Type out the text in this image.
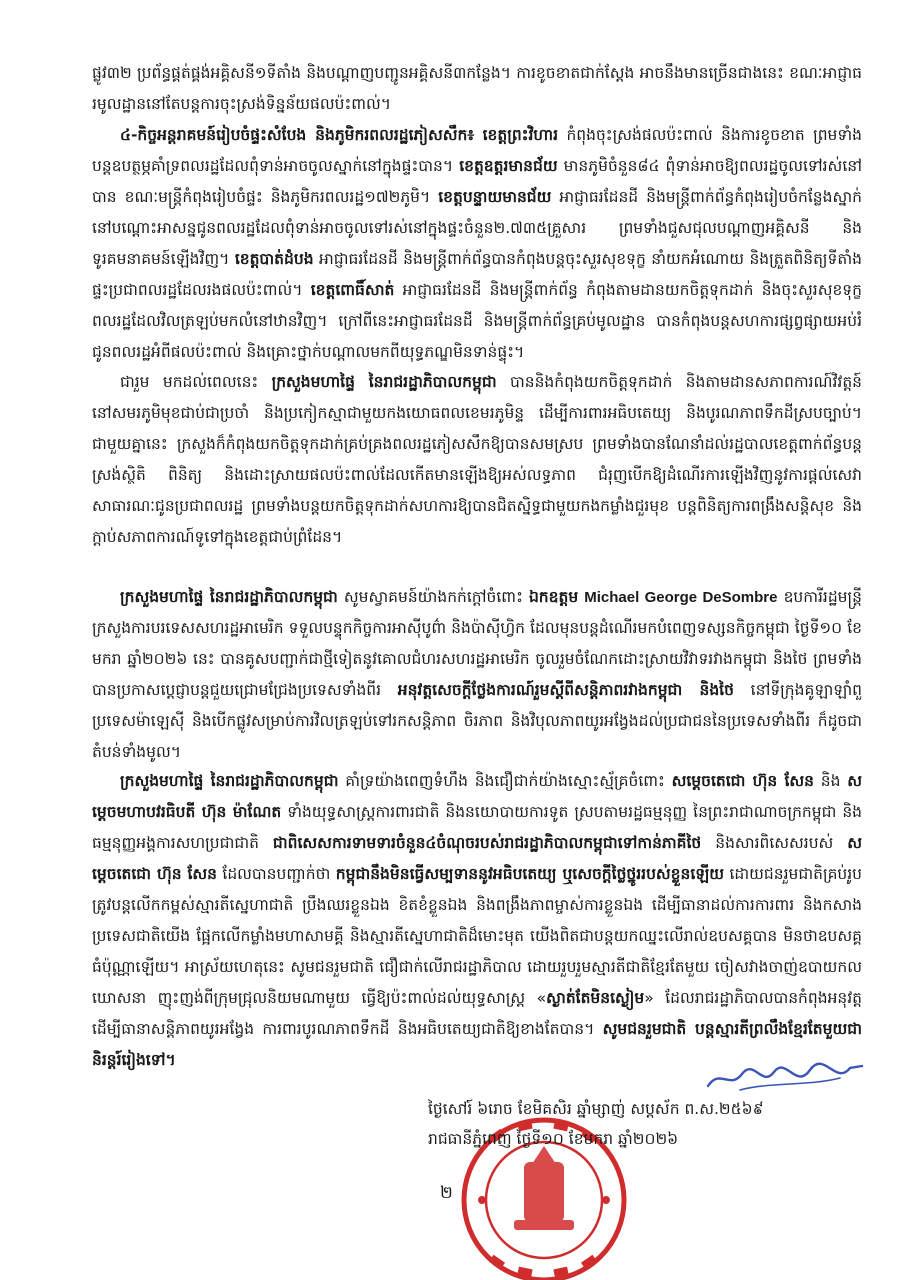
ផ្លូវ៣២ ប្រព័ន្ធផ្គត់ផ្គង់អគ្គិសនី១ទីតាំង និងបណ្តាញបញ្ជូនអគ្គិសនី៣កន្លែង។ ការខូចខាតជាក់ស្តែង អាចនឹងមានច្រើនជាងនេះ ខណៈអាជ្ញាធរមូលដ្ឋាននៅតែបន្តការចុះស្រង់ទិន្នន័យផលប៉ះពាល់។

៤-កិច្ចអន្តរាគមន៍រៀបចំផ្ទះសំបែង និងភូមិករពលរដ្ឋភៀសសឹក៖ ខេត្តព្រះវិហារ កំពុងចុះស្រង់ផលប៉ះពាល់ និងការខូចខាត ព្រមទាំងបន្តឧបត្ថម្ភគាំទ្រពលរដ្ឋដែលពុំទាន់អាចចូលស្នាក់នៅក្នុងផ្ទះបាន។ ខេត្តឧត្តរមានជ័យ មានភូមិចំនួន៨៤ ពុំទាន់អាចឱ្យពលរដ្ឋចូលទៅរស់នៅបាន ខណៈមន្ត្រីកំពុងរៀបចំផ្ទះ និងភូមិករពលរដ្ឋ១៧២ភូមិ។ ខេត្តបន្ទាយមានជ័យ អាជ្ញាធរដែនដី និងមន្ត្រីពាក់ព័ន្ធកំពុងរៀបចំកន្លែងស្នាក់នៅបណ្តោះអាសន្នជូនពលរដ្ឋដែលពុំទាន់អាចចូលទៅរស់នៅក្នុងផ្ទះចំនួន២.៧៣៥គ្រួសារ ព្រមទាំងជួសជុលបណ្តាញអគ្គិសនី និងទូរគមនាគមន៍ឡើងវិញ។ ខេត្តបាត់ដំបង អាជ្ញាធរដែនដី និងមន្ត្រីពាក់ព័ន្ធបានកំពុងបន្តចុះសួរសុខទុក្ខ នាំយកអំណោយ និងត្រួតពិនិត្យទីតាំងផ្ទះប្រជាពលរដ្ឋដែលរងផលប៉ះពាល់។ ខេត្តពោធិ៍សាត់ អាជ្ញាធរដែនដី និងមន្ត្រីពាក់ព័ន្ធ កំពុងតាមដានយកចិត្តទុកដាក់ និងចុះសួរសុខទុក្ខពលរដ្ឋដែលវិលត្រឡប់មកលំនៅឋានវិញ។ ក្រៅពីនេះអាជ្ញាធរដែនដី និងមន្ត្រីពាក់ព័ន្ធគ្រប់មូលដ្ឋាន បានកំពុងបន្តសហការផ្សព្វផ្សាយអប់រំជូនពលរដ្ឋអំពីផលប៉ះពាល់ និងគ្រោះថ្នាក់បណ្តាលមកពីយុទ្ធភណ្ឌមិនទាន់ផ្ទុះ។

ជារួម មកដល់ពេលនេះ ក្រសួងមហាផ្ទៃ នៃរាជរដ្ឋាភិបាលកម្ពុជា បាននិងកំពុងយកចិត្តទុកដាក់ និងតាមដានសភាពការណ៍វិវត្តន៍នៅសមរភូមិមុខជាប់ជាប្រចាំ និងប្រកៀកស្មាជាមួយកងយោធពលខេមរភូមិន្ទ ដើម្បីការពារអធិបតេយ្យ និងបូរណភាពទឹកដីស្របច្បាប់។ ជាមួយគ្នានេះ ក្រសួងក៏កំពុងយកចិត្តទុកដាក់គ្រប់គ្រងពលរដ្ឋភៀសសឹកឱ្យបានសមស្រប ព្រមទាំងបានណែនាំដល់រដ្ឋបាលខេត្តពាក់ព័ន្ធបន្តស្រង់ស្ថិតិ ពិនិត្យ និងដោះស្រាយផលប៉ះពាល់ដែលកើតមានឡើងឱ្យអស់លទ្ធភាព ជំរុញបើកឱ្យដំណើរការឡើងវិញនូវការផ្តល់សេវាសាធារណៈជូនប្រជាពលរដ្ឋ ព្រមទាំងបន្តយកចិត្តទុកដាក់សហការឱ្យបានជិតស្និទ្ធជាមួយកងកម្លាំងជួរមុខ បន្តពិនិត្យការពង្រឹងសន្តិសុខ និងក្តាប់សភាពការណ៍ទូទៅក្នុងខេត្តជាប់ព្រំដែន។

ក្រសួងមហាផ្ទៃ នៃរាជរដ្ឋាភិបាលកម្ពុជា សូមស្វាគមន៍យ៉ាងកក់ក្តៅចំពោះ ឯកឧត្តម Michael George DeSombre ឧបការីរដ្ឋមន្ត្រីក្រសួងការបរទេសសហរដ្ឋអាមេរិក ទទួលបន្ទុកកិច្ចការអាស៊ីបូព៌ា និងប៉ាស៊ីហ្វិក ដែលមុនបន្តដំណើរមកបំពេញទស្សនកិច្ចកម្ពុជា ថ្ងៃទី១០ ខែមករា ឆ្នាំ២០២៦ នេះ បានគូសបញ្ជាក់ជាថ្មីទៀតនូវគោលជំហរសហរដ្ឋអាមេរិក ចូលរួមចំណែកដោះស្រាយវិវាទរវាងកម្ពុជា និងថៃ ព្រមទាំងបានប្រកាសប្តេជ្ញាបន្តជួយជ្រោមជ្រែងប្រទេសទាំងពីរ អនុវត្តសេចក្តីថ្លែងការណ៍រួមស្តីពីសន្តិភាពរវាងកម្ពុជា និងថៃ នៅទីក្រុងគូឡាឡាំពួ ប្រទេសម៉ាឡេស៊ី និងបើកផ្លូវសម្រាប់ការវិលត្រឡប់ទៅរកសន្តិភាព ចិរភាព និងវិបុលភាពយូរអង្វែងដល់ប្រជាជននៃប្រទេសទាំងពីរ ក៏ដូចជាតំបន់ទាំងមូល។

ក្រសួងមហាផ្ទៃ នៃរាជរដ្ឋាភិបាលកម្ពុជា គាំទ្រយ៉ាងពេញទំហឹង និងជឿជាក់យ៉ាងស្មោះស្ម័គ្រចំពោះ សម្តេចតេជោ ហ៊ុន សែន និង សម្តេចមហាបវរធិបតី ហ៊ុន ម៉ាណែត ទាំងយុទ្ធសាស្ត្រការពារជាតិ និងនយោបាយការទូត ស្របតាមរដ្ឋធម្មនុញ្ញ នៃព្រះរាជាណាចក្រកម្ពុជា និងធម្មនុញ្ញអង្គការសហប្រជាជាតិ ជាពិសេសការទាមទារចំនួន៤ចំណុចរបស់រាជរដ្ឋាភិបាលកម្ពុជាទៅកាន់ភាគីថៃ និងសារពិសេសរបស់ សម្តេចតេជោ ហ៊ុន សែន ដែលបានបញ្ជាក់ថា កម្ពុជានឹងមិនធ្វើសម្បទាននូវអធិបតេយ្យ ឬសេចក្តីថ្លៃថ្នូររបស់ខ្លួនឡើយ ដោយជនរួមជាតិគ្រប់រូបត្រូវបន្តលើកកម្ពស់ស្មារតីស្នេហាជាតិ ប្រឹងឈរខ្លួនឯង ខិតខំខ្លួនឯង និងពង្រឹងភាពម្ចាស់ការខ្លួនឯង ដើម្បីធានាដល់ការការពារ និងកសាងប្រទេសជាតិយើង ផ្អែកលើកម្លាំងមហាសាមគ្គី និងស្មារតីស្នេហាជាតិដ៏មោះមុត យើងពិតជាបន្តយកឈ្នះលើរាល់ឧបសគ្គបាន មិនថាឧបសគ្គធំប៉ុណ្ណាឡើយ។ អាស្រ័យហេតុនេះ សូមជនរួមជាតិ ជឿជាក់លើរាជរដ្ឋាភិបាល ដោយរួបរួមស្មារតីជាតិខ្មែរតែមួយ ចៀសវាងចាញ់ឧបាយកលឃោសនា ញុះញង់ពីក្រុមជ្រុលនិយមណាមួយ ធ្វើឱ្យប៉ះពាល់ដល់យុទ្ធសាស្ត្រ «ស្ងាត់តែមិនស្ងៀម» ដែលរាជរដ្ឋាភិបាលបានកំពុងអនុវត្ត ដើម្បីធានាសន្តិភាពយូរអង្វែង ការពារបូរណភាពទឹកដី និងអធិបតេយ្យជាតិឱ្យខាងតែបាន។ សូមជនរួមជាតិ បន្តស្មារតីព្រលឹងខ្មែរតែមួយជានិរន្តរ៍រៀងទៅ។

ថ្ងៃសៅរ៍ ៦រោច ខែមិគសិរ ឆ្នាំម្សាញ់ សប្តស័ក ព.ស.២៥៦៩

រាជធានីភ្នំពេញ ថ្ងៃទី១០ ខែមករា ឆ្នាំ២០២៦

២
